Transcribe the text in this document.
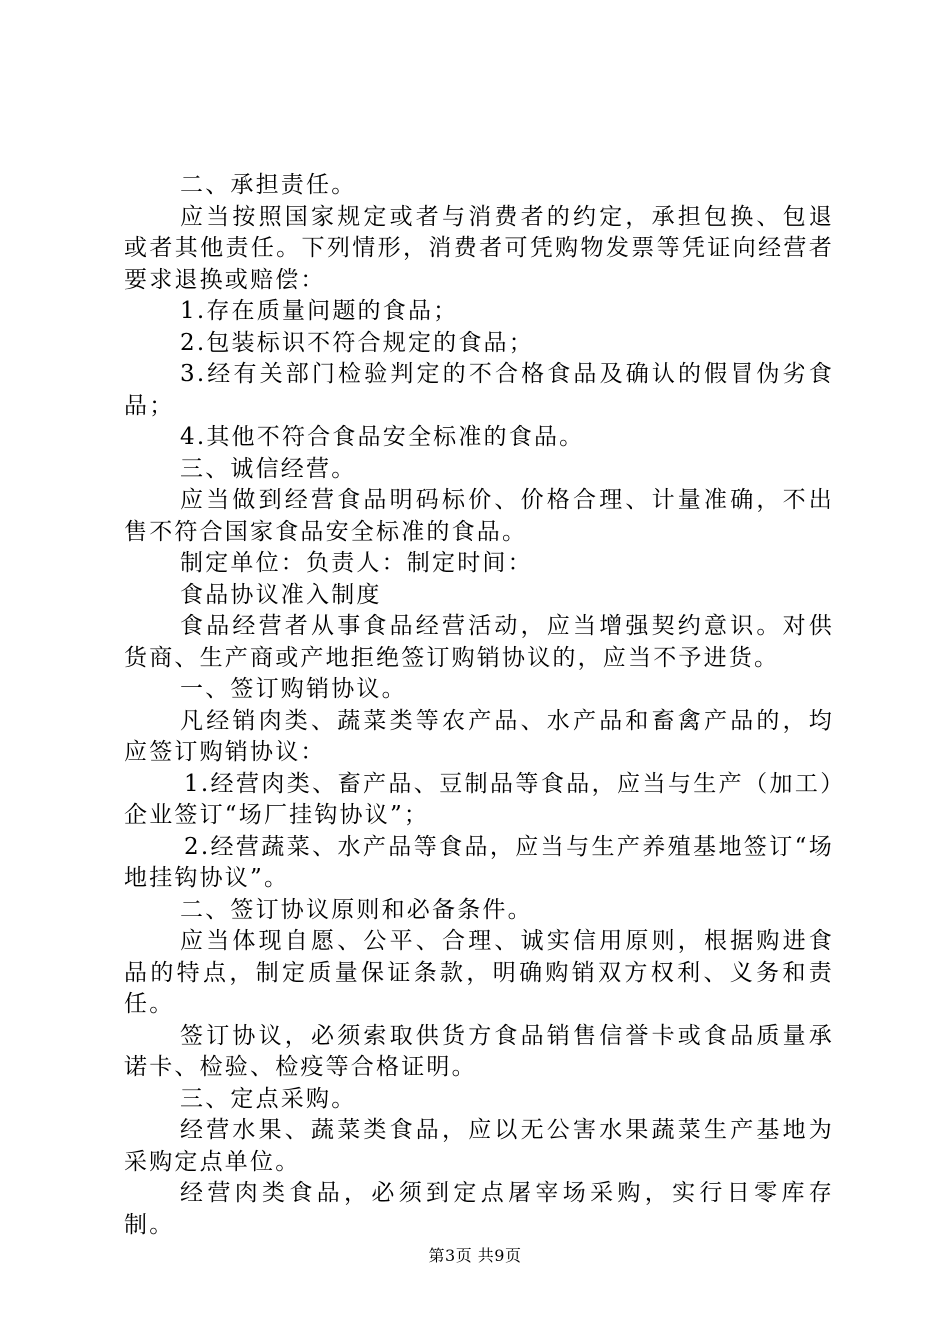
二、承担责任。

应当按照国家规定或者与消费者的约定，承担包换、包退或者其他责任。下列情形，消费者可凭购物发票等凭证向经营者要求退换或赔偿：

1.存在质量问题的食品；

2.包装标识不符合规定的食品；

3.经有关部门检验判定的不合格食品及确认的假冒伪劣食品；

4.其他不符合食品安全标准的食品。

三、诚信经营。

应当做到经营食品明码标价、价格合理、计量准确，不出售不符合国家食品安全标准的食品。

制定单位：负责人：制定时间：

食品协议准入制度

食品经营者从事食品经营活动，应当增强契约意识。对供货商、生产商或产地拒绝签订购销协议的，应当不予进货。

一、签订购销协议。

凡经销肉类、蔬菜类等农产品、水产品和畜禽产品的，均应签订购销协议：

1.经营肉类、畜产品、豆制品等食品，应当与生产（加工）企业签订“场厂挂钩协议”；

2.经营蔬菜、水产品等食品，应当与生产养殖基地签订“场地挂钩协议”。

二、签订协议原则和必备条件。

应当体现自愿、公平、合理、诚实信用原则，根据购进食品的特点，制定质量保证条款，明确购销双方权利、义务和责任。

签订协议，必须索取供货方食品销售信誉卡或食品质量承诺卡、检验、检疫等合格证明。

三、定点采购。

经营水果、蔬菜类食品，应以无公害水果蔬菜生产基地为采购定点单位。

经营肉类食品，必须到定点屠宰场采购，实行日零库存制。

第3页 共9页
